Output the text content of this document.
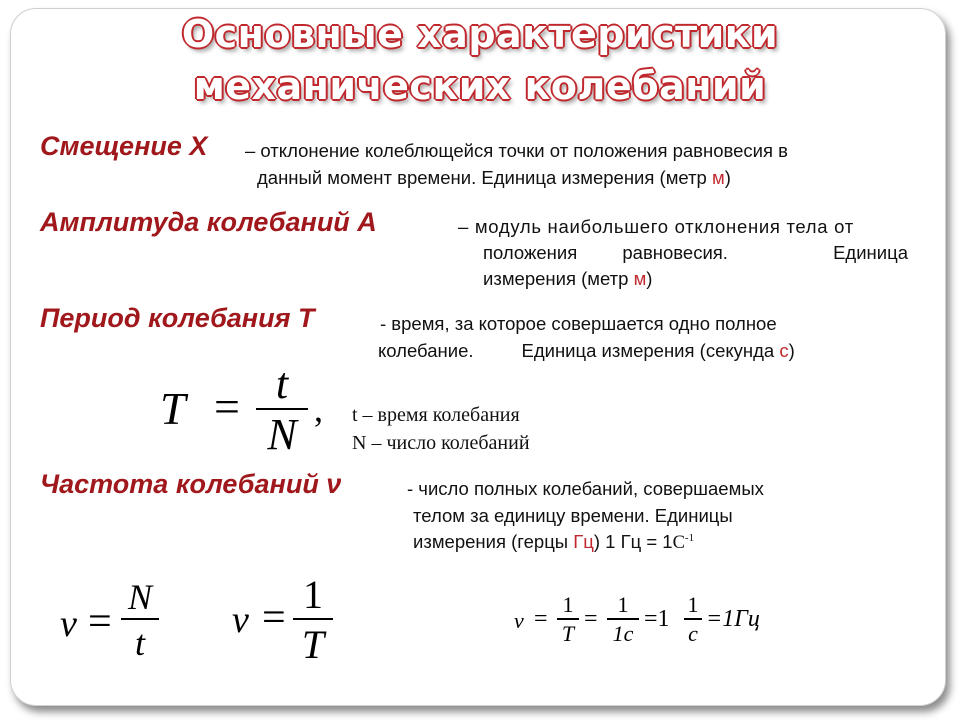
Основные характеристики
механических колебаний
Смещение Х – отклонение колеблющейся точки от положения равновесия в
данный момент времени. Единица измерения (метр м)
Амплитуда колебаний А	– модуль наибольшего отклонения тела от
положения равновесия.	Единица
измерения (метр м)
Период колебания Т	- время, за которое совершается одно полное
колебание.	Единица измерения (секунда с)
T = t
N
, t – время колебания
N – число колебаний
Частота колебаний ν	- число полных колебаний, совершаемых
телом за единицу времени. Единицы
измерения (герцы Гц) 1 Гц = $1С^{-1}$
ν =
N
t
ν =
1
T
ν =
1
T
=
1
1c
=1
1
c
=1Гц
